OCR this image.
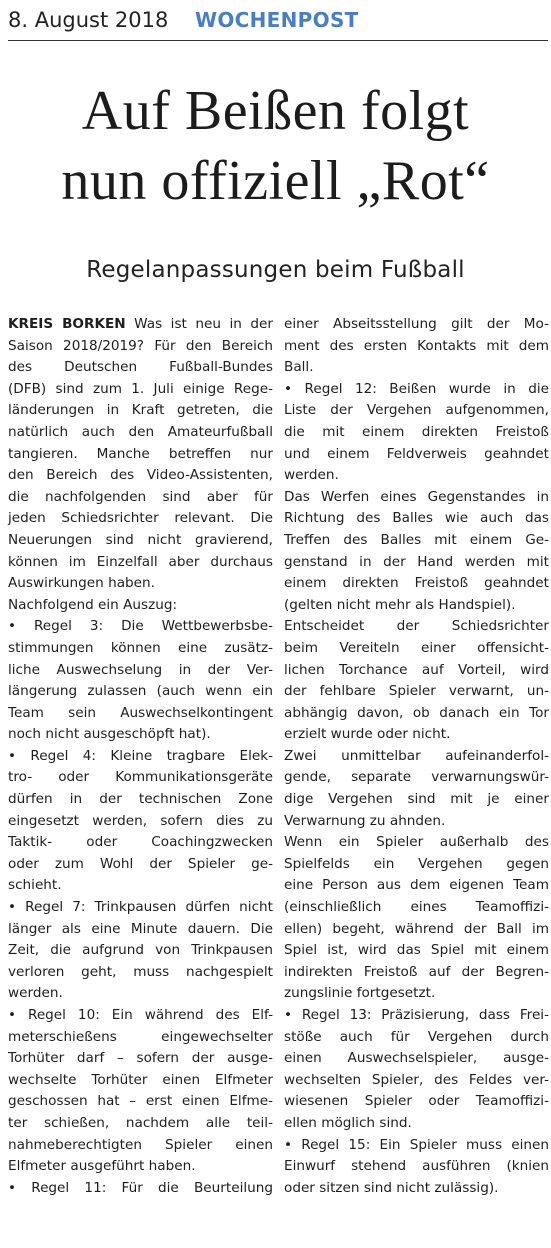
8. August 2018 WOCHENPOST
Auf Beißen folgt
nun offiziell „Rot“
Regelanpassungen beim Fußball
KREIS BORKEN Was ist neu in der
Saison 2018/2019? Für den Bereich
des Deutschen Fußball-Bundes
(DFB) sind zum 1. Juli einige Rege-
länderungen in Kraft getreten, die
natürlich auch den Amateurfußball
tangieren. Manche betreffen nur
den Bereich des Video-Assistenten,
die nachfolgenden sind aber für
jeden Schiedsrichter relevant. Die
Neuerungen sind nicht gravierend,
können im Einzelfall aber durchaus
Auswirkungen haben.
Nachfolgend ein Auszug:
• Regel 3: Die Wettbewerbsbe-
stimmungen können eine zusätz-
liche Auswechselung in der Ver-
längerung zulassen (auch wenn ein
Team sein Auswechselkontingent
noch nicht ausgeschöpft hat).
• Regel 4: Kleine tragbare Elek-
tro- oder Kommunikationsgeräte
dürfen in der technischen Zone
eingesetzt werden, sofern dies zu
Taktik- oder Coachingzwecken
oder zum Wohl der Spieler ge-
schieht.
• Regel 7: Trinkpausen dürfen nicht
länger als eine Minute dauern. Die
Zeit, die aufgrund von Trinkpausen
verloren geht, muss nachgespielt
werden.
• Regel 10: Ein während des Elf-
meterschießens eingewechselter
Torhüter darf – sofern der ausge-
wechselte Torhüter einen Elfmeter
geschossen hat – erst einen Elfme-
ter schießen, nachdem alle teil-
nahmeberechtigten Spieler einen
Elfmeter ausgeführt haben.
• Regel 11: Für die Beurteilung
einer Abseitsstellung gilt der Mo-
ment des ersten Kontakts mit dem
Ball.
• Regel 12: Beißen wurde in die
Liste der Vergehen aufgenommen,
die mit einem direkten Freistoß
und einem Feldverweis geahndet
werden.
Das Werfen eines Gegenstandes in
Richtung des Balles wie auch das
Treffen des Balles mit einem Ge-
genstand in der Hand werden mit
einem direkten Freistoß geahndet
(gelten nicht mehr als Handspiel).
Entscheidet der Schiedsrichter
beim Vereiteln einer offensicht-
lichen Torchance auf Vorteil, wird
der fehlbare Spieler verwarnt, un-
abhängig davon, ob danach ein Tor
erzielt wurde oder nicht.
Zwei unmittelbar aufeinanderfol-
gende, separate verwarnungswür-
dige Vergehen sind mit je einer
Verwarnung zu ahnden.
Wenn ein Spieler außerhalb des
Spielfelds ein Vergehen gegen
eine Person aus dem eigenen Team
(einschließlich eines Teamoffizi-
ellen) begeht, während der Ball im
Spiel ist, wird das Spiel mit einem
indirekten Freistoß auf der Begren-
zungslinie fortgesetzt.
• Regel 13: Präzisierung, dass Frei-
stöße auch für Vergehen durch
einen Auswechselspieler, ausge-
wechselten Spieler, des Feldes ver-
wiesenen Spieler oder Teamoffizi-
ellen möglich sind.
• Regel 15: Ein Spieler muss einen
Einwurf stehend ausführen (knien
oder sitzen sind nicht zulässig).
